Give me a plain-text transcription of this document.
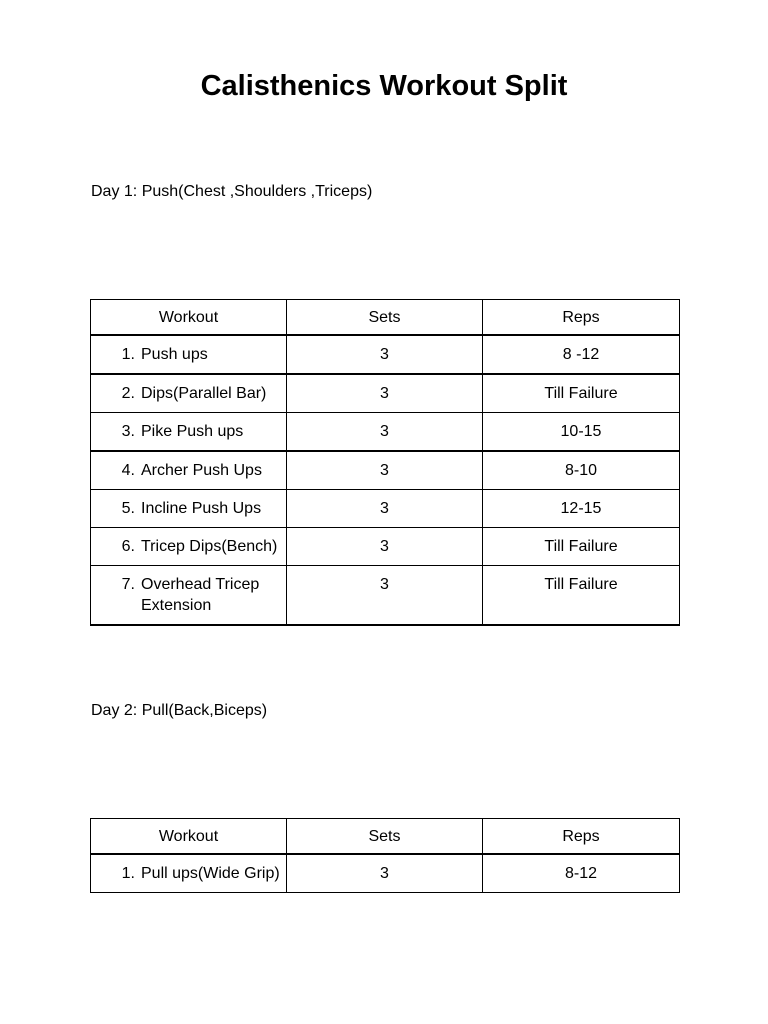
Calisthenics Workout Split

Day 1: Push(Chest ,Shoulders ,Triceps)

Workout	Sets	Reps

1. Push ups	3	8 -12

2. Dips(Parallel Bar)	3	Till Failure

3. Pike Push ups	3	10-15

4. Archer Push Ups	3	8-10

5. Incline Push Ups	3	12-15

6. Tricep Dips(Bench)	3	Till Failure

7. Overhead Tricep Extension	3	Till Failure

Day 2: Pull(Back,Biceps)

Workout	Sets	Reps

1. Pull ups(Wide Grip)	3	8-12
